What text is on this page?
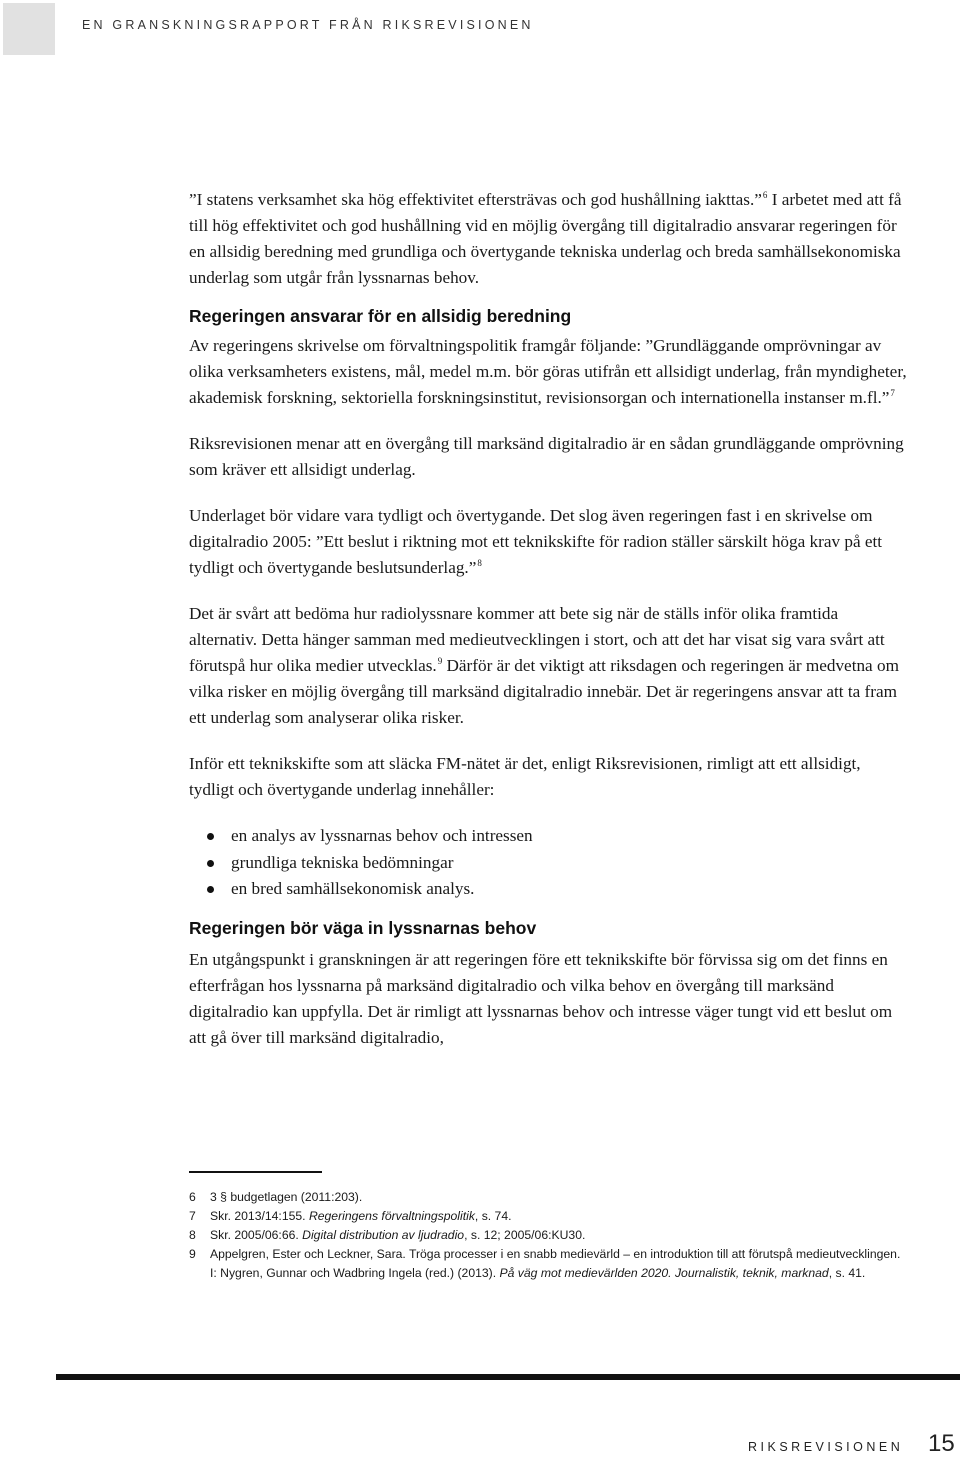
EN GRANSKNINGSRAPPORT FRÅN RIKSREVISIONEN

”I statens verksamhet ska hög effektivitet eftersträvas och god hushållning iakttas.”$^6$ I arbetet med att få till hög effektivitet och god hushållning vid en möjlig övergång till digitalradio ansvarar regeringen för en allsidig beredning med grundliga och övertygande tekniska underlag och breda samhällsekonomiska underlag som utgår från lyssnarnas behov.

Regeringen ansvarar för en allsidig beredning

Av regeringens skrivelse om förvaltningspolitik framgår följande: ”Grundläggande omprövningar av olika verksamheters existens, mål, medel m.m. bör göras utifrån ett allsidigt underlag, från myndigheter, akademisk forskning, sektoriella forskningsinstitut, revisionsorgan och internationella instanser m.fl.”$^7$

Riksrevisionen menar att en övergång till marksänd digitalradio är en sådan grundläggande omprövning som kräver ett allsidigt underlag.

Underlaget bör vidare vara tydligt och övertygande. Det slog även regeringen fast i en skrivelse om digitalradio 2005: ”Ett beslut i riktning mot ett teknikskifte för radion ställer särskilt höga krav på ett tydligt och övertygande beslutsunderlag.”$^8$

Det är svårt att bedöma hur radiolyssnare kommer att bete sig när de ställs inför olika framtida alternativ. Detta hänger samman med medieutvecklingen i stort, och att det har visat sig vara svårt att förutspå hur olika medier utvecklas.$^9$ Därför är det viktigt att riksdagen och regeringen är medvetna om vilka risker en möjlig övergång till marksänd digitalradio innebär. Det är regeringens ansvar att ta fram ett underlag som analyserar olika risker.

Inför ett teknikskifte som att släcka FM-nätet är det, enligt Riksrevisionen, rimligt att ett allsidigt, tydligt och övertygande underlag innehåller:

en analys av lyssnarnas behov och intressen
grundliga tekniska bedömningar
en bred samhällsekonomisk analys.
Regeringen bör väga in lyssnarnas behov

En utgångspunkt i granskningen är att regeringen före ett teknikskifte bör förvissa sig om det finns en efterfrågan hos lyssnarna på marksänd digitalradio och vilka behov en övergång till marksänd digitalradio kan uppfylla. Det är rimligt att lyssnarnas behov och intresse väger tungt vid ett beslut om att gå över till marksänd digitalradio,

6	3 § budgetlagen (2011:203).
7	Skr. 2013/14:155. Regeringens förvaltningspolitik, s. 74.
8	Skr. 2005/06:66. Digital distribution av ljudradio, s. 12; 2005/06:KU30.
9	Appelgren, Ester och Leckner, Sara. Tröga processer i en snabb medievärld – en introduktion till att förutspå medieutvecklingen. I: Nygren, Gunnar och Wadbring Ingela (red.) (2013). På väg mot medievärlden 2020. Journalistik, teknik, marknad, s. 41.
RIKSREVISIONEN 15
